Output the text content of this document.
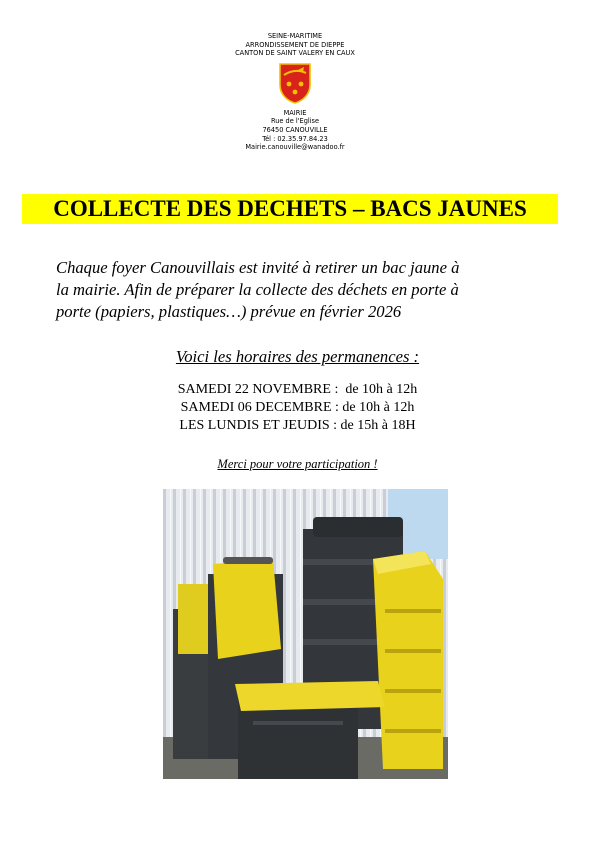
SEINE-MARITIME
ARRONDISSEMENT DE DIEPPE
CANTON DE SAINT VALERY EN CAUX
MAIRIE
Rue de l'Eglise
76450 CANOUVILLE
Tél : 02.35.97.84.23
Mairie.canouville@wanadoo.fr
COLLECTE DES DECHETS – BACS JAUNES

Chaque foyer Canouvillais est invité à retirer un bac jaune à

la mairie. Afin de préparer la collecte des déchets en porte à

porte (papiers, plastiques…) prévue en février 2026

Voici les horaires des permanences :
SAMEDI 22 NOVEMBRE :  de 10h à 12h
SAMEDI 06 DECEMBRE : de 10h à 12h
LES LUNDIS ET JEUDIS : de 15h à 18H
Merci pour votre participation !
